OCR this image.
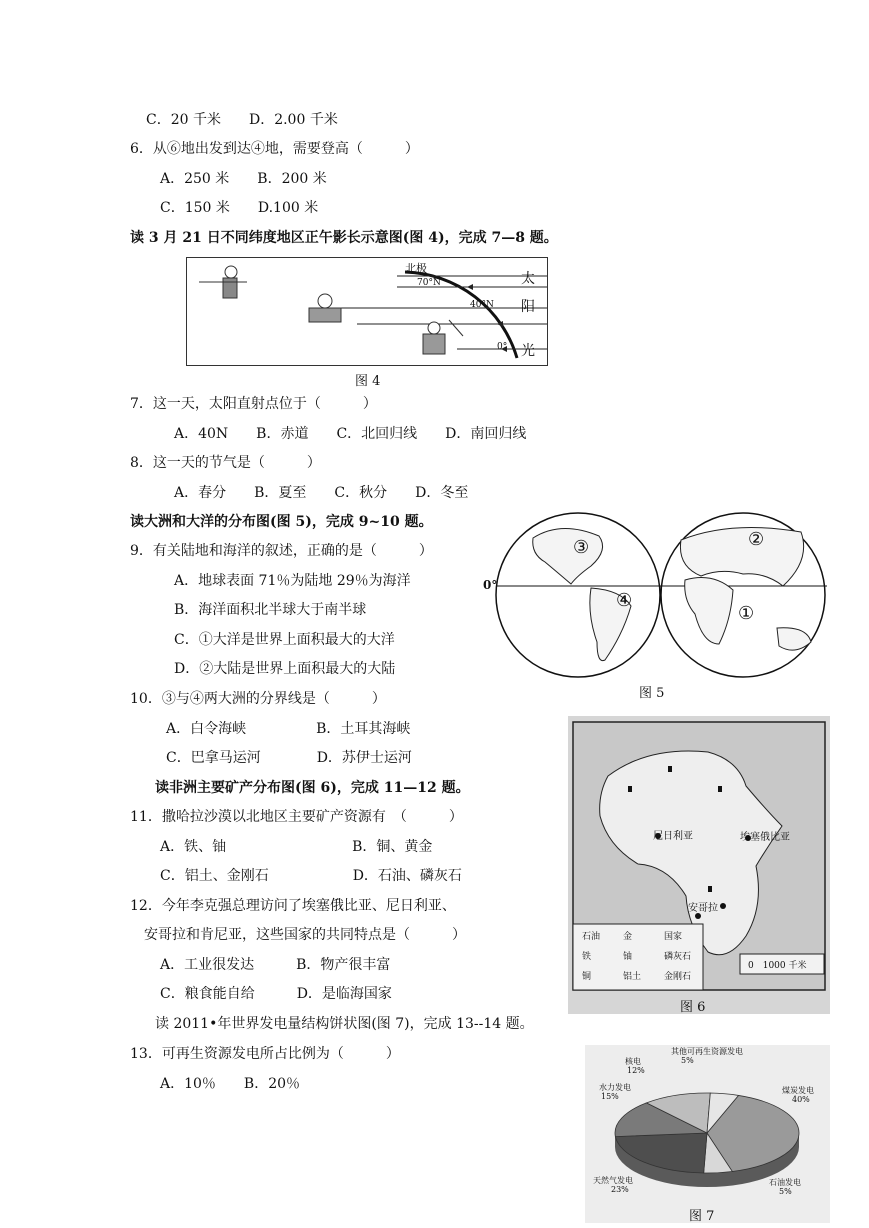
C．20 千米　　D．2.00 千米
6．从⑥地出发到达④地，需要登高（　　　）
A．250 米　　B．200 米
C．150 米　　D.100 米
读 3 月 21 日不同纬度地区正午影长示意图(图 4)，完成 7—8 题。
北极
70°N
40°N
0°
太
阳
光
图 4
7．这一天，太阳直射点位于（　　　）
A．40N　　B．赤道　　C．北回归线　　D．南回归线
8．这一天的节气是（　　　）
A．春分　　B．夏至　　C．秋分　　D．冬至
读大洲和大洋的分布图(图 5)，完成 9~10 题。
9．有关陆地和海洋的叙述，正确的是（　　　）
A．地球表面 71％为陆地 29％为海洋
B．海洋面积北半球大于南半球
C．①大洋是世界上面积最大的大洋
D．②大陆是世界上面积最大的大陆
③	②
④
①
0°
图 5
10．③与④两大洲的分界线是（　　　）
A．白令海峡　　　　　B．土耳其海峡
C．巴拿马运河　　　　D．苏伊士运河
读非洲主要矿产分布图(图 6)，完成 11—12 题。
11．撒哈拉沙漠以北地区主要矿产资源有　（　　　）
A．铁、铀　　　　　　　　　B．铜、黄金
C．铝土、金刚石　　　　　　D．石油、磷灰石
12．今年李克强总理访问了埃塞俄比亚、尼日利亚、
安哥拉和肯尼亚，这些国家的共同特点是（　　　）
A．工业很发达　　　B．物产很丰富
C．粮食能自给　　　D．是临海国家
尼日利亚	埃塞俄比亚
安哥拉
石油	金	国家
铁	铀	磷灰石
铜	铝土	金刚石
0　1000 千米
图 6
读 2011•年世界发电量结构饼状图(图 7)，完成 13--14 题。
13．可再生资源发电所占比例为（　　　）
A．10％　　B．20％
其他可再生资源发电
5%
核电
12%
水力发电
15%
煤炭发电
40%
天然气发电
23%
石油发电
5%
图 7
